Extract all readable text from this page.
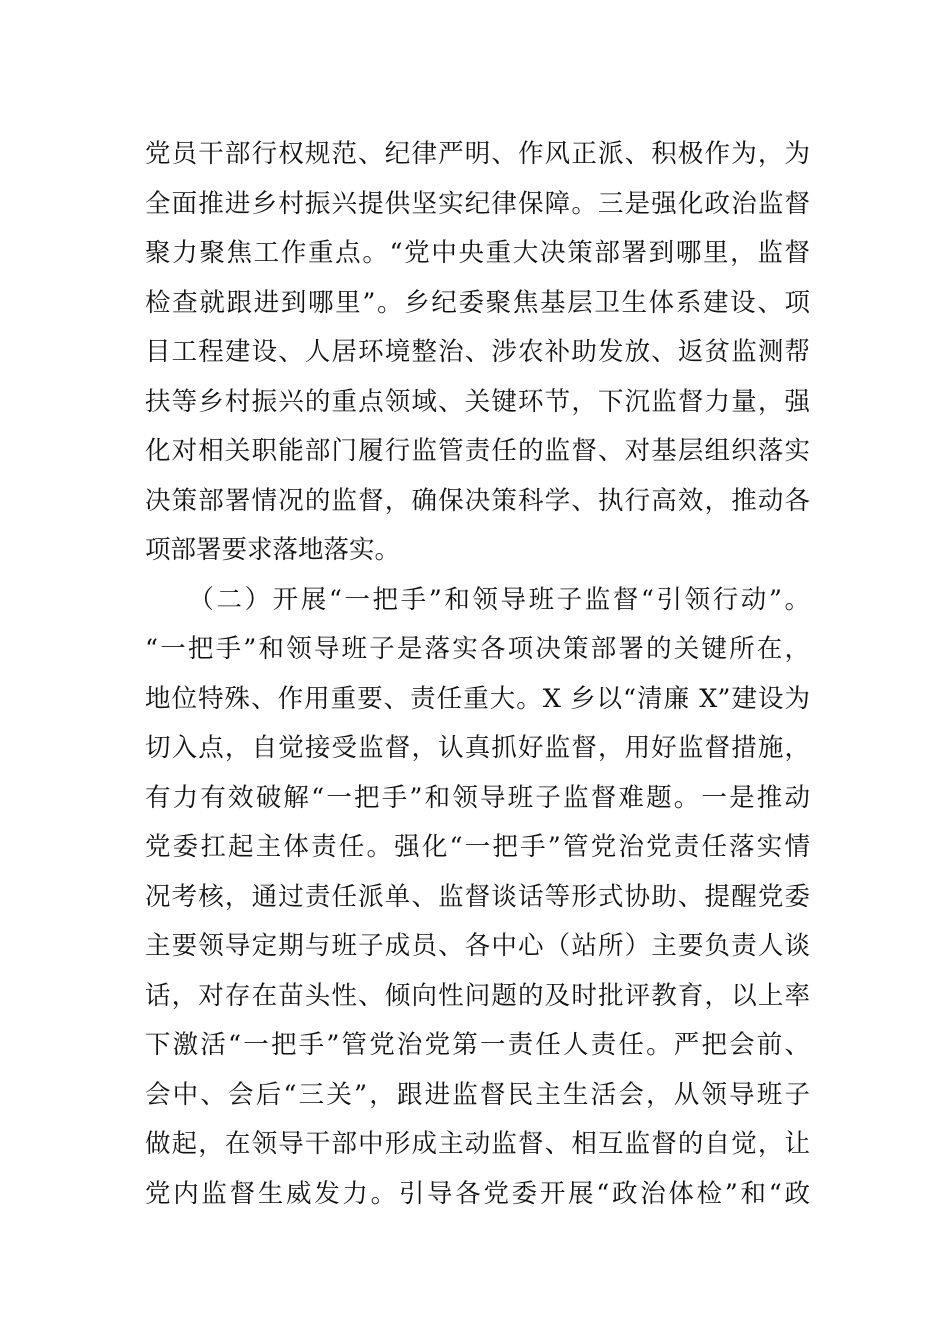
党员干部行权规范、纪律严明、作风正派、积极作为，为
全面推进乡村振兴提供坚实纪律保障。三是强化政治监督
聚力聚焦工作重点。“党中央重大决策部署到哪里，监督
检查就跟进到哪里”。乡纪委聚焦基层卫生体系建设、项
目工程建设、人居环境整治、涉农补助发放、返贫监测帮
扶等乡村振兴的重点领域、关键环节，下沉监督力量，强
化对相关职能部门履行监管责任的监督、对基层组织落实
决策部署情况的监督，确保决策科学、执行高效，推动各
项部署要求落地落实。
　　（二）开展“一把手”和领导班子监督“引领行动”。
“一把手”和领导班子是落实各项决策部署的关键所在，
地位特殊、作用重要、责任重大。X 乡以“清廉 X”建设为
切入点，自觉接受监督，认真抓好监督，用好监督措施，
有力有效破解“一把手”和领导班子监督难题。一是推动
党委扛起主体责任。强化“一把手”管党治党责任落实情
况考核，通过责任派单、监督谈话等形式协助、提醒党委
主要领导定期与班子成员、各中心（站所）主要负责人谈
话，对存在苗头性、倾向性问题的及时批评教育，以上率
下激活“一把手”管党治党第一责任人责任。严把会前、
会中、会后“三关”，跟进监督民主生活会，从领导班子
做起，在领导干部中形成主动监督、相互监督的自觉，让
党内监督生威发力。引导各党委开展“政治体检”和“政
